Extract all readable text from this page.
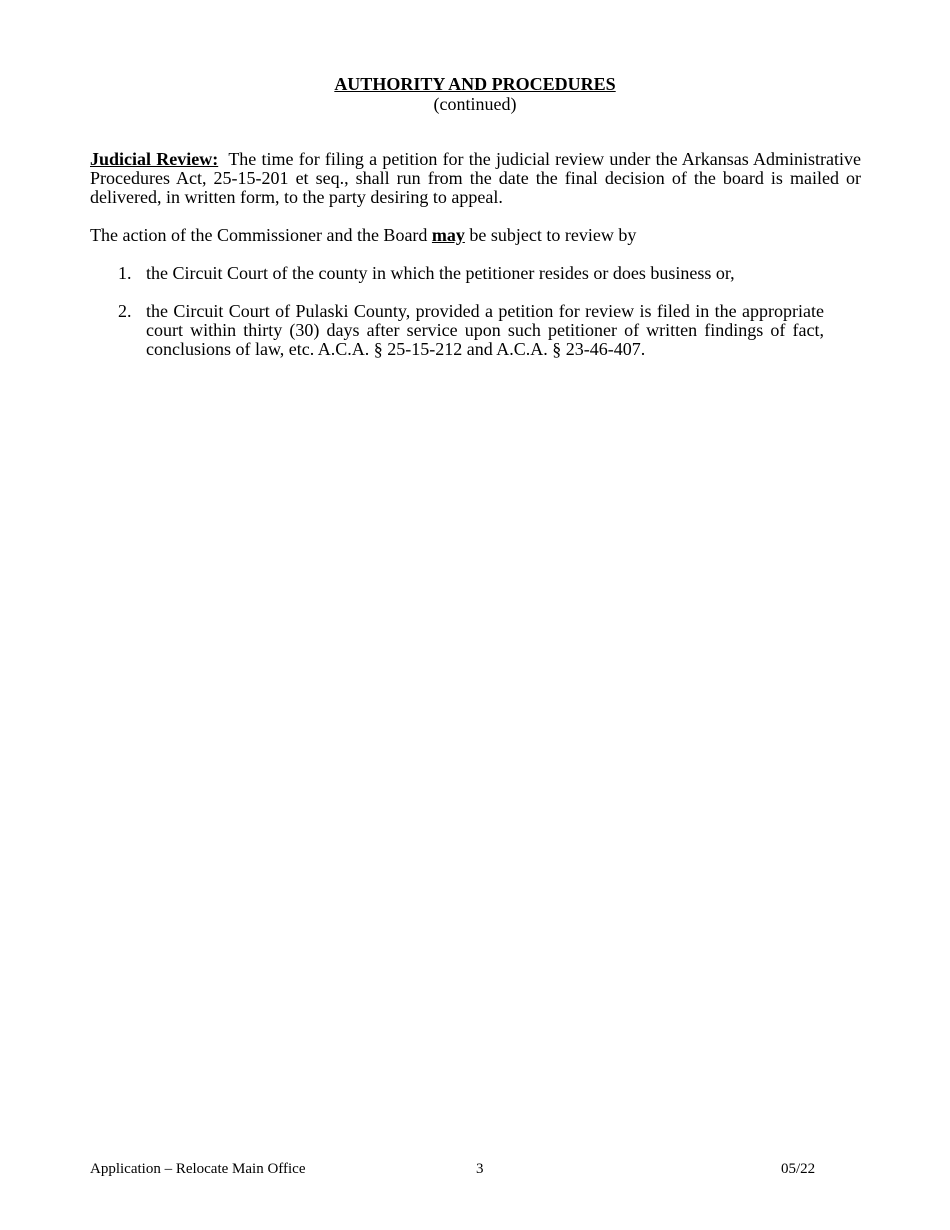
AUTHORITY AND PROCEDURES
(continued)
Judicial Review:  The time for filing a petition for the judicial review under the Arkansas Administrative Procedures Act, 25-15-201 et seq., shall run from the date the final decision of the board is mailed or delivered, in written form, to the party desiring to appeal.
The action of the Commissioner and the Board may be subject to review by
1. the Circuit Court of the county in which the petitioner resides or does business or,
2. the Circuit Court of Pulaski County, provided a petition for review is filed in the appropriate court within thirty (30) days after service upon such petitioner of written findings of fact, conclusions of law, etc. A.C.A. § 25-15-212 and A.C.A. § 23-46-407.
Application – Relocate Main Office	3	05/22
